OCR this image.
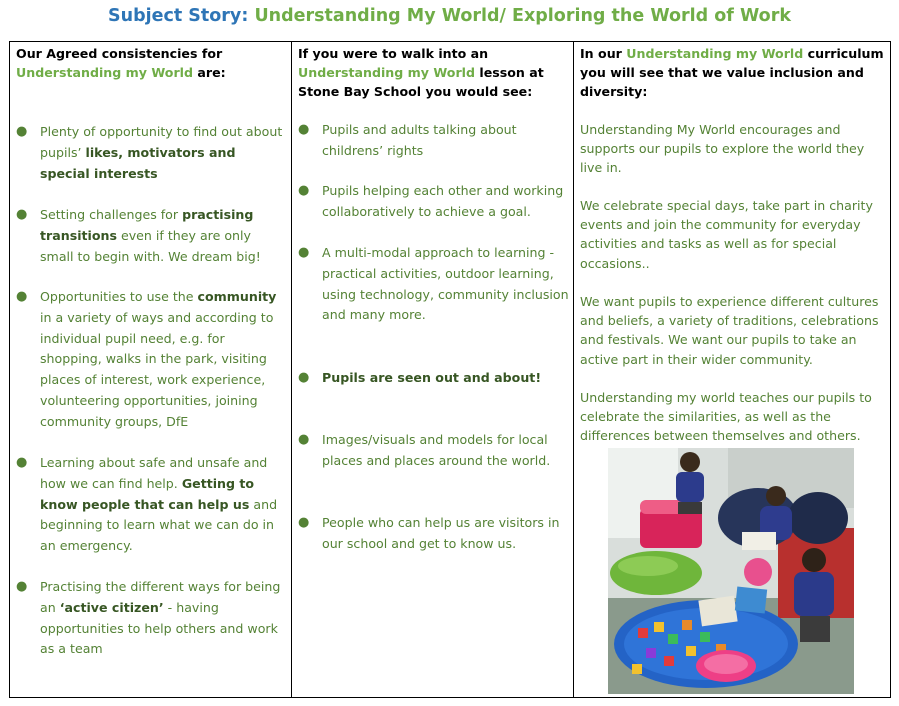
Subject Story: Understanding My World/ Exploring the World of Work
Our Agreed consistencies for
Understanding my World are:
● Plenty of opportunity to find out about pupils’ likes, motivators and special interests
● Setting challenges for practising transitions even if they are only small to begin with. We dream big!
● Opportunities to use the community in a variety of ways and according to individual pupil need, e.g. for shopping, walks in the park, visiting places of interest, work experience, volunteering opportunities, joining community groups, DfE
● Learning about safe and unsafe and how we can find help. Getting to know people that can help us and beginning to learn what we can do in an emergency.
● Practising the different ways for being an ‘active citizen’ - having opportunities to help others and work as a team

If you were to walk into an
Understanding my World lesson at Stone Bay School you would see:
● Pupils and adults talking about childrens’ rights
● Pupils helping each other and working collaboratively to achieve a goal.
● A multi-modal approach to learning - practical activities, outdoor learning, using technology, community inclusion and many more.
● Pupils are seen out and about!
● Images/visuals and models for local places and places around the world.
● People who can help us are visitors in our school and get to know us.

In our Understanding my World curriculum you will see that we value inclusion and diversity:
Understanding My World encourages and supports our pupils to explore the world they live in.
We celebrate special days, take part in charity events and join the community for everyday activities and tasks as well as for special occasions..
We want pupils to experience different cultures and beliefs, a variety of traditions, celebrations and festivals. We want our pupils to take an active part in their wider community.
Understanding my world teaches our pupils to celebrate the similarities, as well as the differences between themselves and others.
